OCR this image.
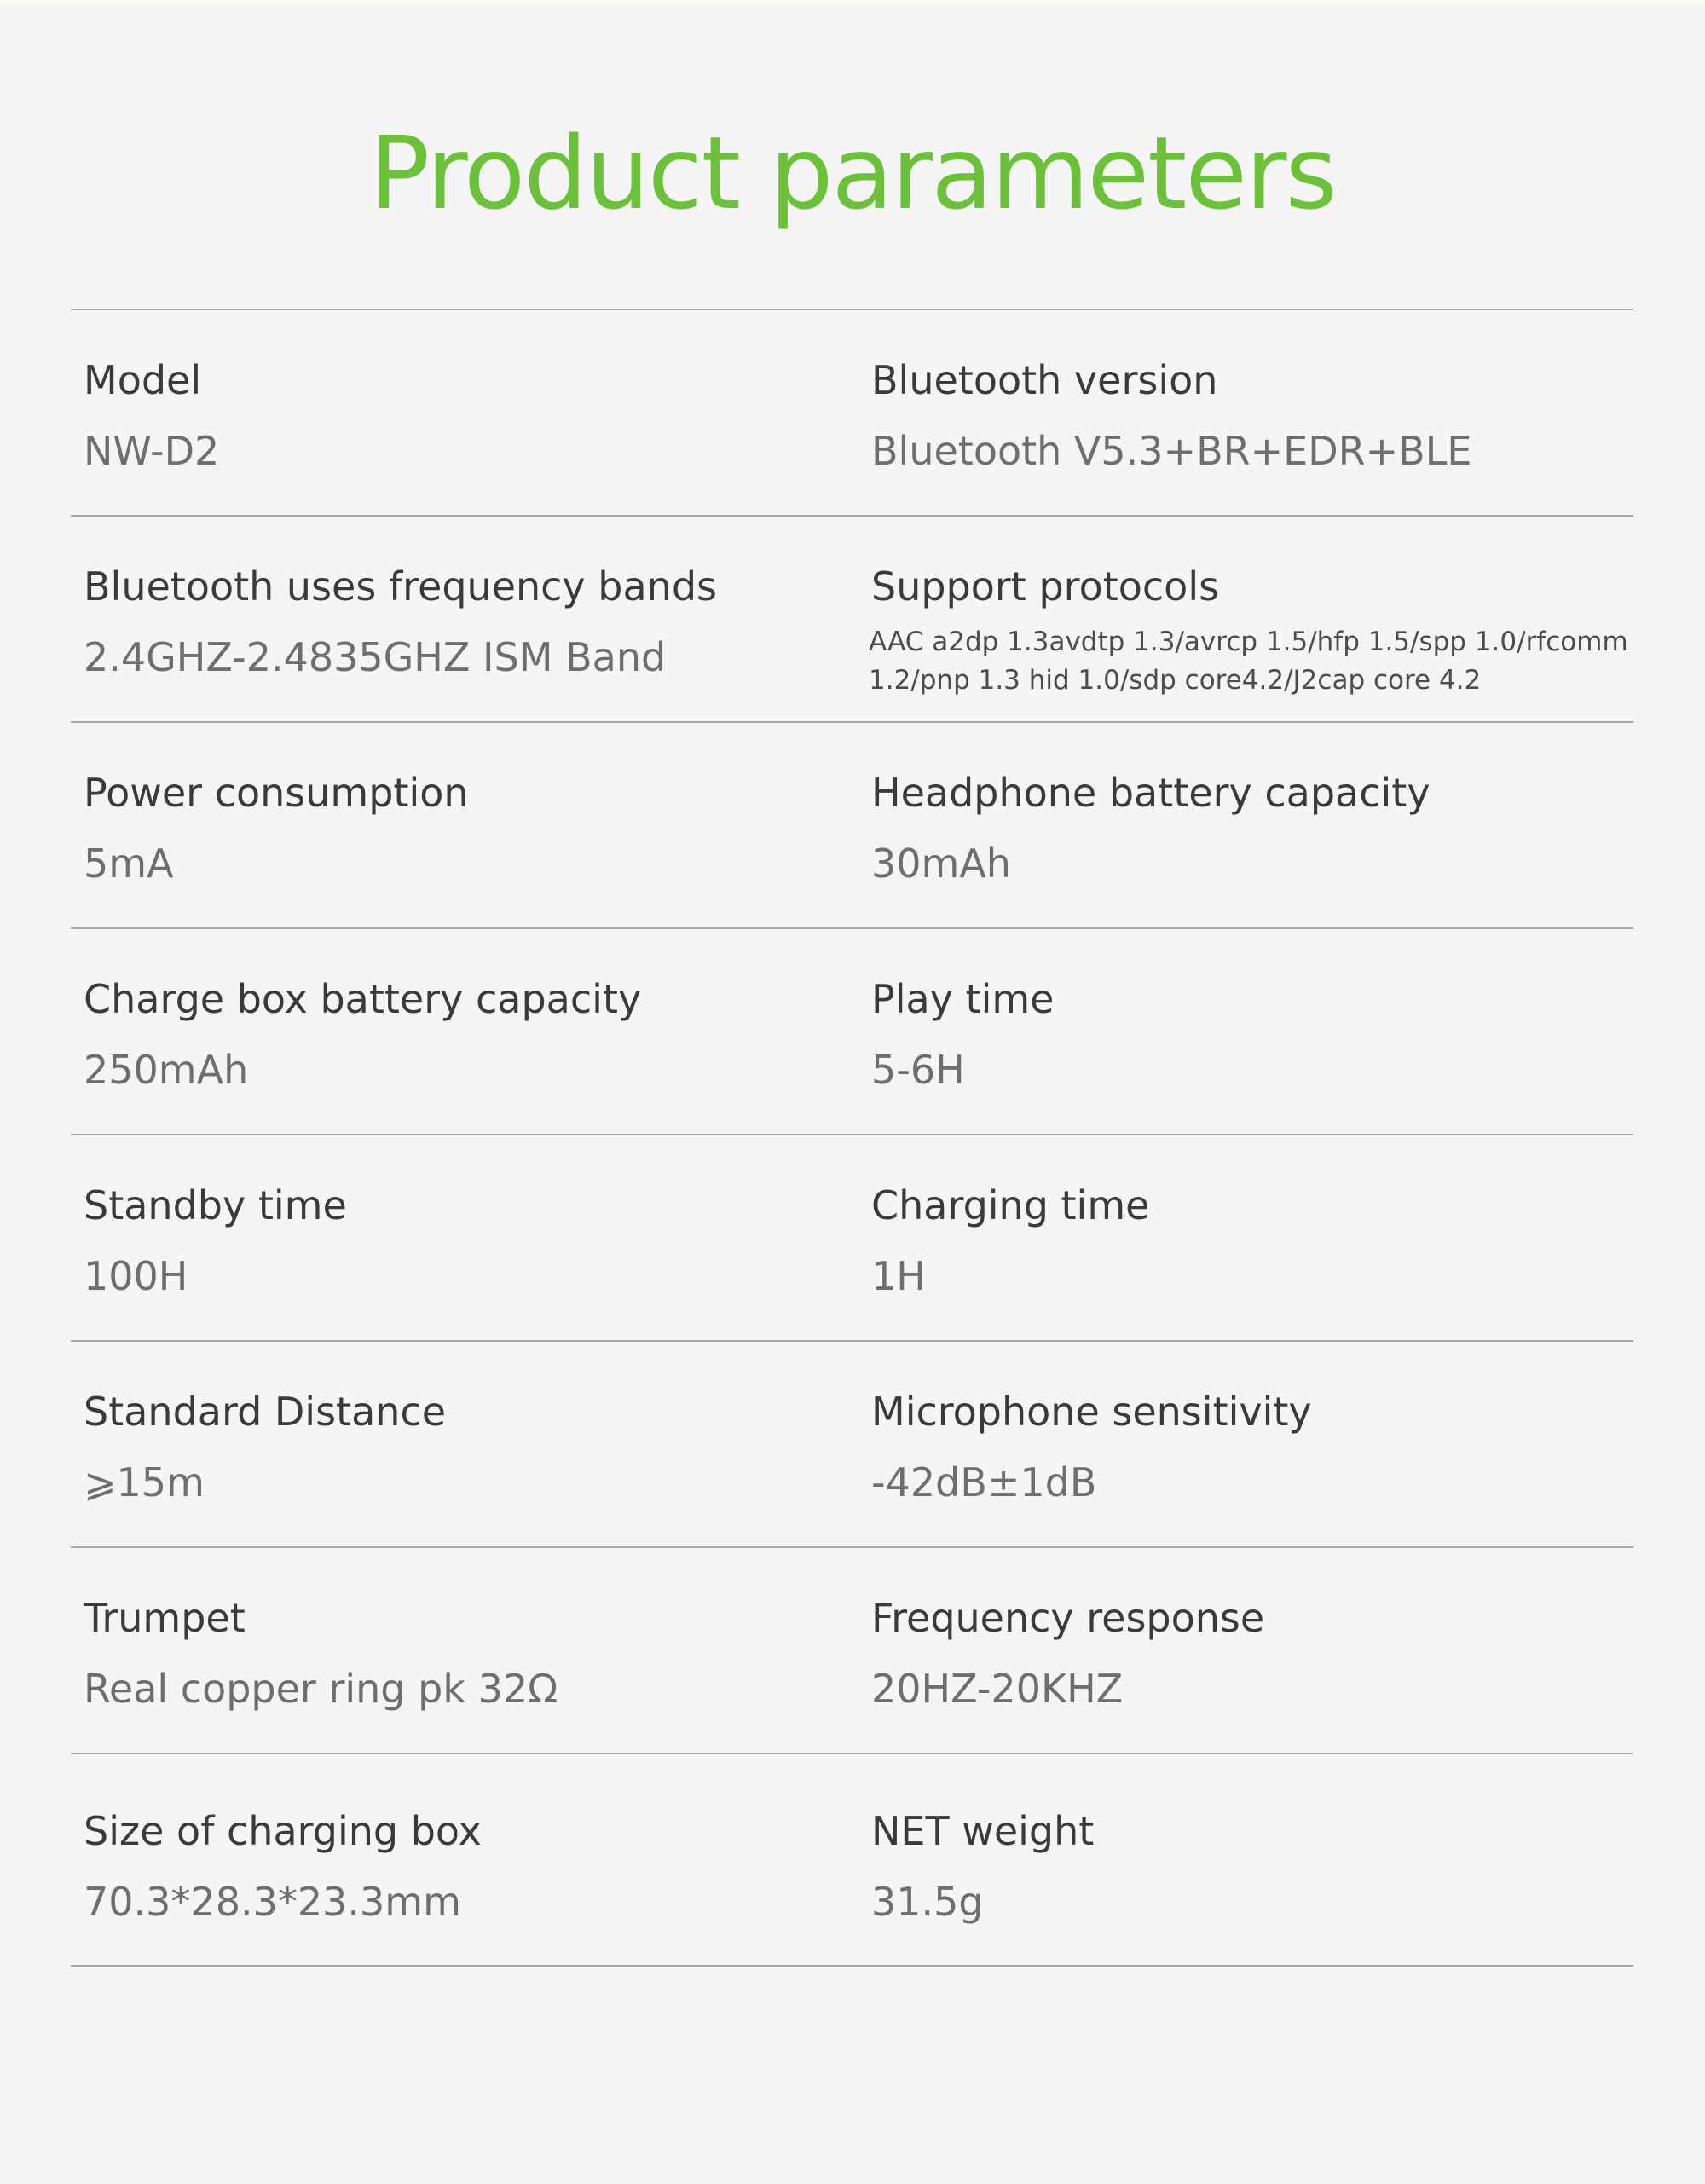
Product parameters
Model
NW-D2
Bluetooth version
Bluetooth V5.3+BR+EDR+BLE
Bluetooth uses frequency bands
2.4GHZ-2.4835GHZ ISM Band
Support protocols
AAC a2dp 1.3avdtp 1.3/avrcp 1.5/hfp 1.5/spp 1.0/rfcomm 1.2/pnp 1.3 hid 1.0/sdp core4.2/J2cap core 4.2
Power consumption
5mA
Headphone battery capacity
30mAh
Charge box battery capacity
250mAh
Play time
5-6H
Standby time
100H
Charging time
1H
Standard Distance
⩾15m
Microphone sensitivity
-42dB±1dB
Trumpet
Real copper ring pk 32Ω
Frequency response
20HZ-20KHZ
Size of charging box
70.3*28.3*23.3mm
NET weight
31.5g
